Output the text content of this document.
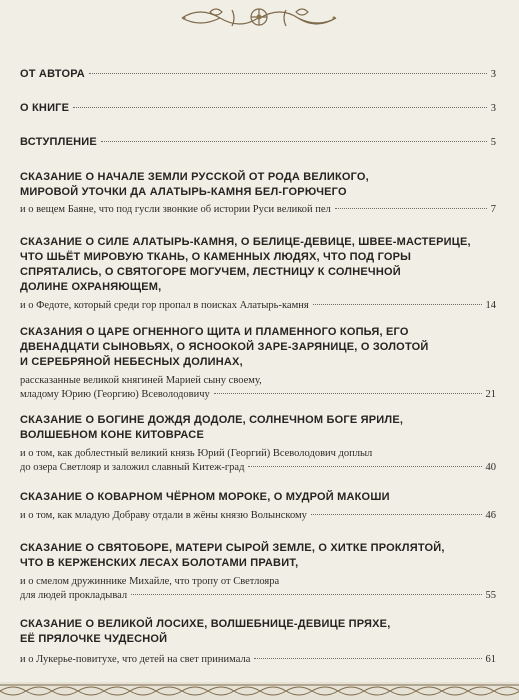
ОТ АВТОРА	3
О КНИГЕ	3
ВСТУПЛЕНИЕ	5
СКАЗАНИЕ О НАЧАЛЕ ЗЕМЛИ РУССКОЙ ОТ РОДА ВЕЛИКОГО,
МИРОВОЙ УТОЧКИ ДА АЛАТЫРЬ-КАМНЯ БЕЛ-ГОРЮЧЕГО
и о вещем Баяне, что под гусли звонкие об истории Руси великой пел	7
СКАЗАНИЕ О СИЛЕ АЛАТЫРЬ-КАМНЯ, О БЕЛИЦЕ-ДЕВИЦЕ, ШВЕЕ-МАСТЕРИЦЕ,
ЧТО ШЬЁТ МИРОВУЮ ТКАНЬ, О КАМЕННЫХ ЛЮДЯХ, ЧТО ПОД ГОРЫ
СПРЯТАЛИСЬ, О СВЯТОГОРЕ МОГУЧЕМ, ЛЕСТНИЦУ К СОЛНЕЧНОЙ
ДОЛИНЕ ОХРАНЯЮЩЕМ,
и о Федоте, который среди гор пропал в поисках Алатырь-камня	14
СКАЗАНИЯ О ЦАРЕ ОГНЕННОГО ЩИТА И ПЛАМЕННОГО КОПЬЯ, ЕГО
ДВЕНАДЦАТИ СЫНОВЬЯХ, О ЯСНООКОЙ ЗАРЕ-ЗАРЯНИЦЕ, О ЗОЛОТОЙ
И СЕРЕБРЯНОЙ НЕБЕСНЫХ ДОЛИНАХ,
рассказанные великой княгиней Марией сыну своему,
младому Юрию (Георгию) Всеволодовичу	21
СКАЗАНИЕ О БОГИНЕ ДОЖДЯ ДОДОЛЕ, СОЛНЕЧНОМ БОГЕ ЯРИЛЕ,
ВОЛШЕБНОМ КОНЕ КИТОВРАСЕ
и о том, как доблестный великий князь Юрий (Георгий) Всеволодович доплыл
до озера Светлояр и заложил славный Китеж-град	40
СКАЗАНИЕ О КОВАРНОМ ЧЁРНОМ МОРОКЕ, О МУДРОЙ МАКОШИ
и о том, как младую Добраву отдали в жёны князю Волынскому	46
СКАЗАНИЕ О СВЯТОБОРЕ, МАТЕРИ СЫРОЙ ЗЕМЛЕ, О ХИТКЕ ПРОКЛЯТОЙ,
ЧТО В КЕРЖЕНСКИХ ЛЕСАХ БОЛОТАМИ ПРАВИТ,
и о смелом дружиннике Михайле, что тропу от Светлояра
для людей прокладывал	55
СКАЗАНИЕ О ВЕЛИКОЙ ЛОСИХЕ, ВОЛШЕБНИЦЕ-ДЕВИЦЕ ПРЯХЕ,
ЕЁ ПРЯЛОЧКЕ ЧУДЕСНОЙ
и о Лукерье-повитухе, что детей на свет принимала	61
